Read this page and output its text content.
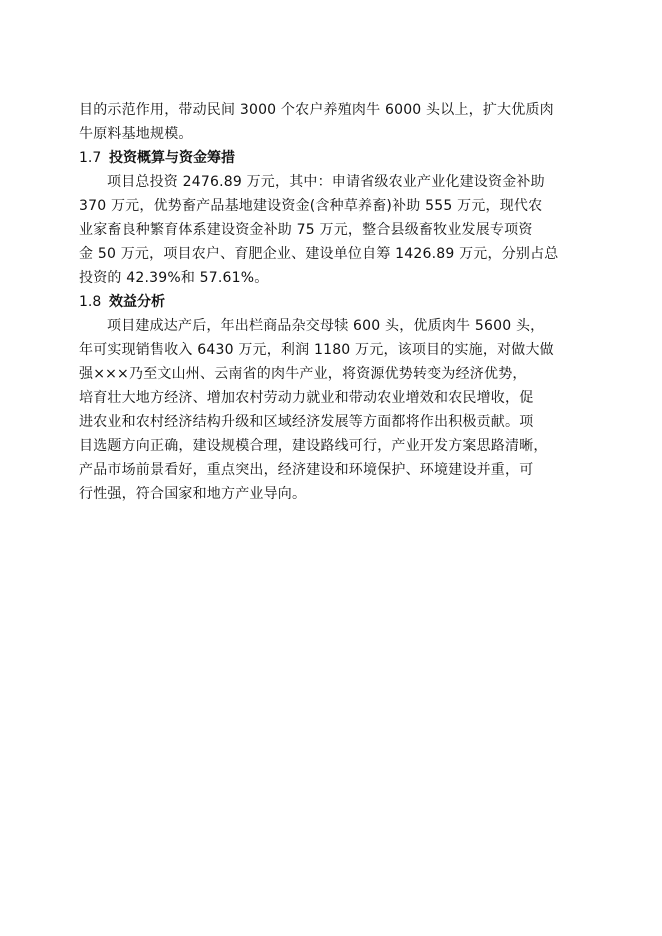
目的示范作用，带动民间 3000 个农户养殖肉牛 6000 头以上，扩大优质肉
牛原料基地规模。
1.7 投资概算与资金筹措
项目总投资 2476.89 万元，其中：申请省级农业产业化建设资金补助
370 万元，优势畜产品基地建设资金(含种草养畜)补助 555 万元，现代农
业家畜良种繁育体系建设资金补助 75 万元，整合县级畜牧业发展专项资
金 50 万元，项目农户、育肥企业、建设单位自筹 1426.89 万元，分别占总
投资的 42.39%和 57.61%。
1.8 效益分析
项目建成达产后，年出栏商品杂交母犊 600 头，优质肉牛 5600 头，
年可实现销售收入 6430 万元，利润 1180 万元，该项目的实施，对做大做
强×××乃至文山州、云南省的肉牛产业，将资源优势转变为经济优势，
培育壮大地方经济、增加农村劳动力就业和带动农业增效和农民增收，促
进农业和农村经济结构升级和区域经济发展等方面都将作出积极贡献。项
目选题方向正确，建设规模合理，建设路线可行，产业开发方案思路清晰，
产品市场前景看好，重点突出，经济建设和环境保护、环境建设并重，可
行性强，符合国家和地方产业导向。
